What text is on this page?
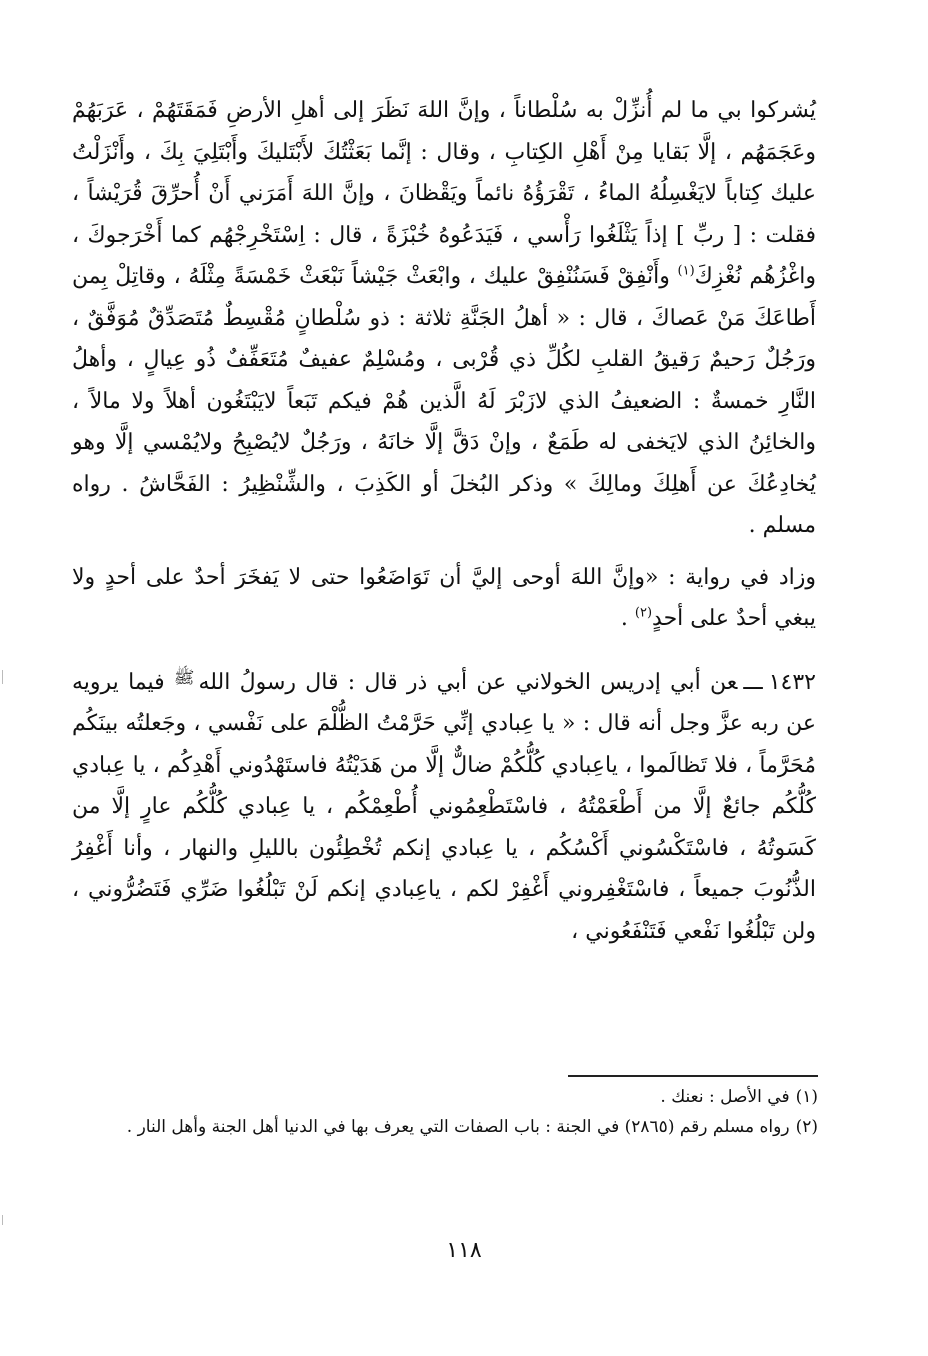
يُشركوا بي ما لم أُنزِّلْ به سُلْطاناً ، وإنَّ اللهَ نَظَرَ إلى أهلِ الأرضِ فَمَقَتَهُمْ ، عَرَبَهُمْ وعَجَمَهُم ، إلَّا بَقايا مِنْ أَهْلِ الكِتابِ ، وقال : إنَّما بَعَثْتُكَ لأَبْتَليكَ وأَبْتَلِيَ بِكَ ، وأَنْزَلْتُ عليك كِتاباً لايَغْسِلُهُ الماءُ ، تَقْرَؤُهُ نائماً ويَقْظانَ ، وإنَّ اللهَ أَمَرَني أَنْ أُحرِّقَ قُرَيْشاً ، فقلت : [ ربِّ ] إذاً يَثْلَغُوا رَأْسي ، فَيَدَعُوهُ خُبْزَةً ، قال : اِسْتَخْرِجْهُم كما أَخْرَجوكَ ، واغْزُهُم نُغْزِكَ$^{(١)}$ وأَنْفِقْ فَسَنُنْفِقْ عليك ، وابْعَثْ جَيْشاً نَبْعَثْ خَمْسَةً مِثْلَهُ ، وقاتِلْ بِمن أَطاعَكَ مَنْ عَصاكَ ، قال : « أهلُ الجَنَّةِ ثلاثة : ذو سُلْطانٍ مُقْسِطٌ مُتَصَدِّقٌ مُوَفَّقٌ ، ورَجُلٌ رَحيمٌ رَقيقُ القلبِ لكُلِّ ذي قُرْبى ، ومُسْلِمٌ عفيفٌ مُتَعَفِّفٌ ذُو عِيالٍ ، وأهلُ النَّارِ خمسةٌ : الضعيفُ الذي لازَبْرَ لَهُ الَّذين هُمْ فيكم تَبَعاً لايَبْتَغُون أهلاً ولا مالاً ، والخائِنُ الذي لايَخفى له طَمَعٌ ، وإنْ دَقَّ إلَّا خانَهُ ، ورَجُلٌ لايُصْبِحُ ولايُمْسي إلَّا وهو يُخادِعُكَ عن أَهلِكَ ومالِكَ » وذكر البُخلَ أو الكَذِبَ ، والشِّنْظِيرُ : الفَحَّاشُ . رواه مسلم .

وزاد في رواية : «وإنَّ اللهَ أوحى إليَّ أن تَوَاضَعُوا حتى لا يَفخَرَ أحدٌ على أحدٍ ولا يبغي أحدٌ على أحدٍ$^{(٢)}$ .

١٤٣٢ـــعن أبي إدريس الخولاني عن أبي ذر قال : قال رسولُ اللهﷺ فيما يرويه عن ربه عزَّ وجل أنه قال : « يا عِبادي إنِّي حَرَّمْتُ الظُّلْمَ على نَفْسي ، وجَعلتُه بينَكُم مُحَرَّماً ، فلا تَظالَموا ، ياعِبادي كُلُّكُمْ ضالٌّ إلَّا من هَدَيْتُهُ فاستَهْدُوني أَهْدِكُم ، يا عِبادي كُلُّكُم جائعٌ إلَّا من أَطْعَمْتُهُ ، فاسْتَطْعِمُوني أُطْعِمْكُم ، يا عِبادي كُلُّكُم عارٍ إلَّا من كَسَوتُهُ ، فاسْتَكْسُوني أَكْسُكُم ، يا عِبادي إنكم تُخْطِئُون بالليلِ والنهار ، وأنا أَغْفِرُ الذُّنُوبَ جميعاً ، فاسْتَغْفِروني أَغْفِرْ لكم ، ياعِبادي إنكم لَنْ تَبْلُغُوا ضَرِّي فَتَضُرُّوني ، ولن تَبْلُغُوا نَفْعي فَتَنْفَعُوني ،

(١)في الأصل : نعنك .

(٢)رواه مسلم رقم (٢٨٦٥) في الجنة : باب الصفات التي يعرف بها في الدنيا أهل الجنة وأهل النار .

١١٨
